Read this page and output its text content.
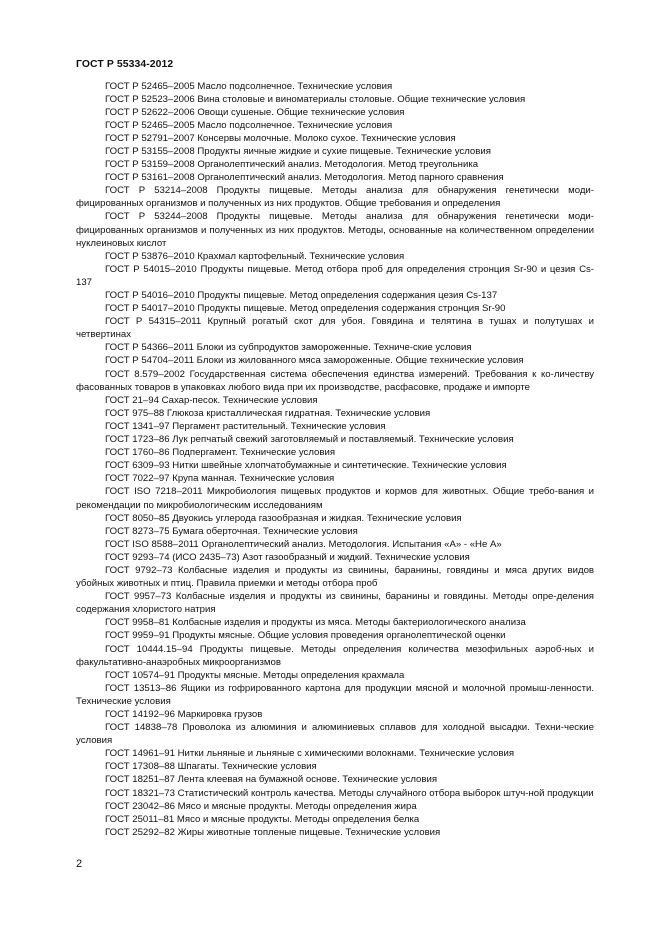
ГОСТ Р 55334-2012
ГОСТ Р 52465–2005 Масло подсолнечное. Технические условия
ГОСТ Р 52523–2006 Вина столовые и виноматериалы столовые. Общие технические условия
ГОСТ Р 52622–2006 Овощи сушеные. Общие технические условия
ГОСТ Р 52465–2005 Масло подсолнечное. Технические условия
ГОСТ Р 52791–2007 Консервы молочные. Молоко сухое. Технические условия
ГОСТ Р 53155–2008 Продукты яичные жидкие и сухие пищевые. Технические условия
ГОСТ Р 53159–2008 Органолептический анализ. Методология. Метод треугольника
ГОСТ Р 53161–2008 Органолептический анализ. Методология. Метод парного сравнения
ГОСТ Р 53214–2008 Продукты пищевые. Методы анализа для обнаружения генетически моди-фицированных организмов и полученных из них продуктов. Общие требования и определения
ГОСТ Р 53244–2008 Продукты пищевые. Методы анализа для обнаружения генетически моди-фицированных организмов и полученных из них продуктов. Методы, основанные на количественном определении нуклеиновых кислот
ГОСТ Р 53876–2010 Крахмал картофельный. Технические условия
ГОСТ Р 54015–2010 Продукты пищевые. Метод отбора проб для определения стронция Sr-90 и цезия Cs-137
ГОСТ Р 54016–2010 Продукты пищевые. Метод определения содержания цезия Cs-137
ГОСТ Р 54017–2010 Продукты пищевые. Метод определения содержания стронция Sr-90
ГОСТ Р 54315–2011 Крупный рогатый скот для убоя. Говядина и телятина в тушах и полутушах и четвертинах
ГОСТ Р 54366–2011 Блоки из субпродуктов замороженные. Техниче-ские условия
ГОСТ Р 54704–2011 Блоки из жилованного мяса замороженные. Общие технические условия
ГОСТ 8.579–2002 Государственная система обеспечения единства измерений. Требования к ко-личеству фасованных товаров в упаковках любого вида при их производстве, расфасовке, продаже и импорте
ГОСТ 21–94 Сахар-песок. Технические условия
ГОСТ 975–88 Глюкоза кристаллическая гидратная. Технические условия
ГОСТ 1341–97 Пергамент растительный. Технические условия
ГОСТ 1723–86 Лук репчатый свежий заготовляемый и поставляемый. Технические условия
ГОСТ 1760–86 Подпергамент. Технические условия
ГОСТ 6309–93 Нитки швейные хлопчатобумажные и синтетические. Технические условия
ГОСТ 7022–97 Крупа манная. Технические условия
ГОСТ ISO 7218–2011 Микробиология пищевых продуктов и кормов для животных. Общие требо-вания и рекомендации по микробиологическим исследованиям
ГОСТ 8050–85 Двуокись углерода газообразная и жидкая. Технические условия
ГОСТ 8273–75 Бумага оберточная. Технические условия
ГОСТ ISO 8588–2011 Органолептический анализ. Методология. Испытания «A» - «Не A»
ГОСТ 9293–74 (ИСО 2435–73) Азот газообразный и жидкий. Технические условия
ГОСТ 9792–73 Колбасные изделия и продукты из свинины, баранины, говядины и мяса других видов убойных животных и птиц. Правила приемки и методы отбора проб
ГОСТ 9957–73 Колбасные изделия и продукты из свинины, баранины и говядины. Методы опре-деления содержания хлористого натрия
ГОСТ 9958–81 Колбасные изделия и продукты из мяса. Методы бактериологического анализа
ГОСТ 9959–91 Продукты мясные. Общие условия проведения органолептической оценки
ГОСТ 10444.15–94 Продукты пищевые. Методы определения количества мезофильных аэроб-ных и факультативно-анаэробных микроорганизмов
ГОСТ 10574–91 Продукты мясные. Методы определения крахмала
ГОСТ 13513–86 Ящики из гофрированного картона для продукции мясной и молочной промыш-ленности. Технические условия
ГОСТ 14192–96 Маркировка грузов
ГОСТ 14838–78 Проволока из алюминия и алюминиевых сплавов для холодной высадки. Техни-ческие условия
ГОСТ 14961–91 Нитки льняные и льняные с химическими волокнами. Технические условия
ГОСТ 17308–88 Шпагаты. Технические условия
ГОСТ 18251–87 Лента клеевая на бумажной основе. Технические условия
ГОСТ 18321–73 Статистический контроль качества. Методы случайного отбора выборок штуч-ной продукции
ГОСТ 23042–86 Мясо и мясные продукты. Методы определения жира
ГОСТ 25011–81 Мясо и мясные продукты. Методы определения белка
ГОСТ 25292–82 Жиры животные топленые пищевые. Технические условия
2
